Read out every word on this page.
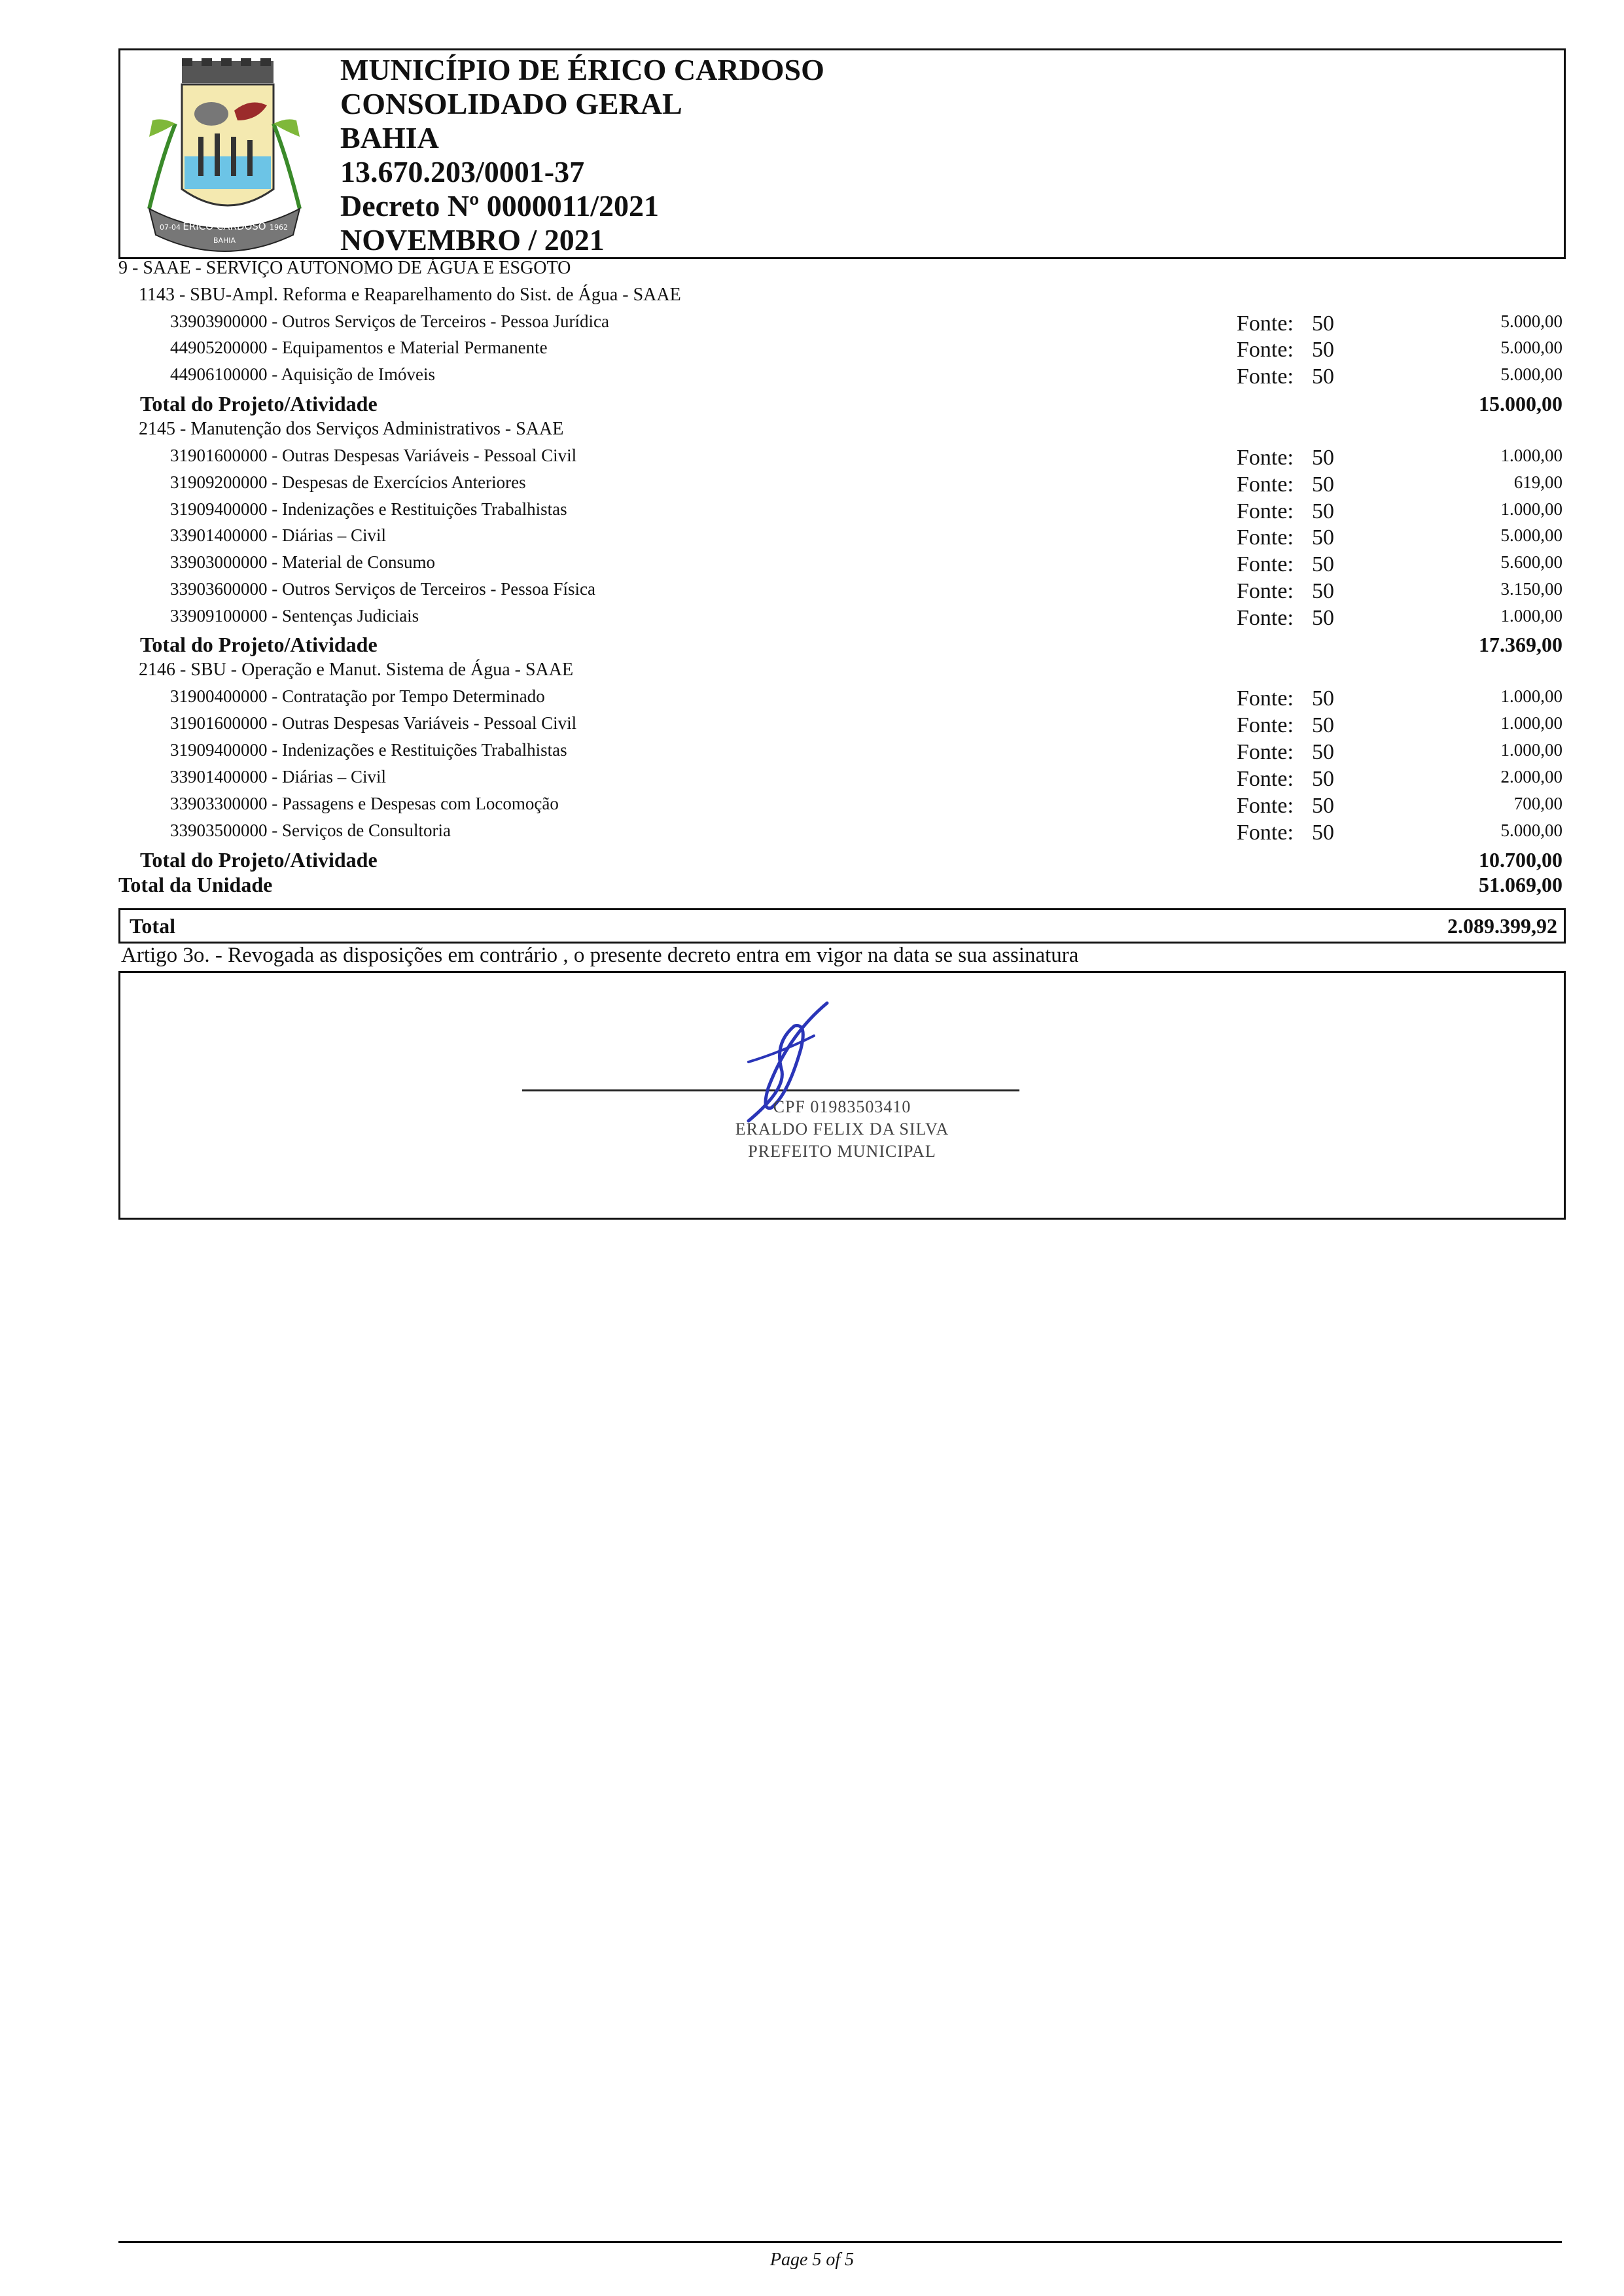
ERICO CARDOSO
07-04	1962
BAHIA
MUNICÍPIO DE ÉRICO CARDOSO
CONSOLIDADO GERAL
BAHIA
13.670.203/0001-37
Decreto Nº 0000011/2021
NOVEMBRO / 2021
9 - SAAE - SERVIÇO AUTONOMO DE ÁGUA E ESGOTO
1143 - SBU-Ampl. Reforma e Reaparelhamento do Sist. de Água - SAAE
33903900000 - Outros Serviços de Terceiros - Pessoa Jurídica	Fonte: 50	5.000,00
44905200000 - Equipamentos e Material Permanente	Fonte: 50	5.000,00
44906100000 - Aquisição de Imóveis	Fonte: 50	5.000,00
Total do Projeto/Atividade	15.000,00
2145 - Manutenção dos Serviços Administrativos - SAAE
31901600000 - Outras Despesas Variáveis - Pessoal Civil	Fonte: 50	1.000,00
31909200000 - Despesas de Exercícios Anteriores	Fonte: 50	619,00
31909400000 - Indenizações e Restituições Trabalhistas	Fonte: 50	1.000,00
33901400000 - Diárias – Civil	Fonte: 50	5.000,00
33903000000 - Material de Consumo	Fonte: 50	5.600,00
33903600000 - Outros Serviços de Terceiros - Pessoa Física	Fonte: 50	3.150,00
33909100000 - Sentenças Judiciais	Fonte: 50	1.000,00
Total do Projeto/Atividade	17.369,00
2146 - SBU - Operação e Manut. Sistema de Água - SAAE
31900400000 - Contratação por Tempo Determinado	Fonte: 50	1.000,00
31901600000 - Outras Despesas Variáveis - Pessoal Civil	Fonte: 50	1.000,00
31909400000 - Indenizações e Restituições Trabalhistas	Fonte: 50	1.000,00
33901400000 - Diárias – Civil	Fonte: 50	2.000,00
33903300000 - Passagens e Despesas com Locomoção	Fonte: 50	700,00
33903500000 - Serviços de Consultoria	Fonte: 50	5.000,00
Total do Projeto/Atividade	10.700,00
Total da Unidade	51.069,00
Total	2.089.399,92
Artigo 3o. - Revogada as disposições em contrário , o presente decreto entra em vigor na data se sua assinatura
CPF 01983503410
ERALDO FELIX DA SILVA
PREFEITO MUNICIPAL
Page 5 of 5
